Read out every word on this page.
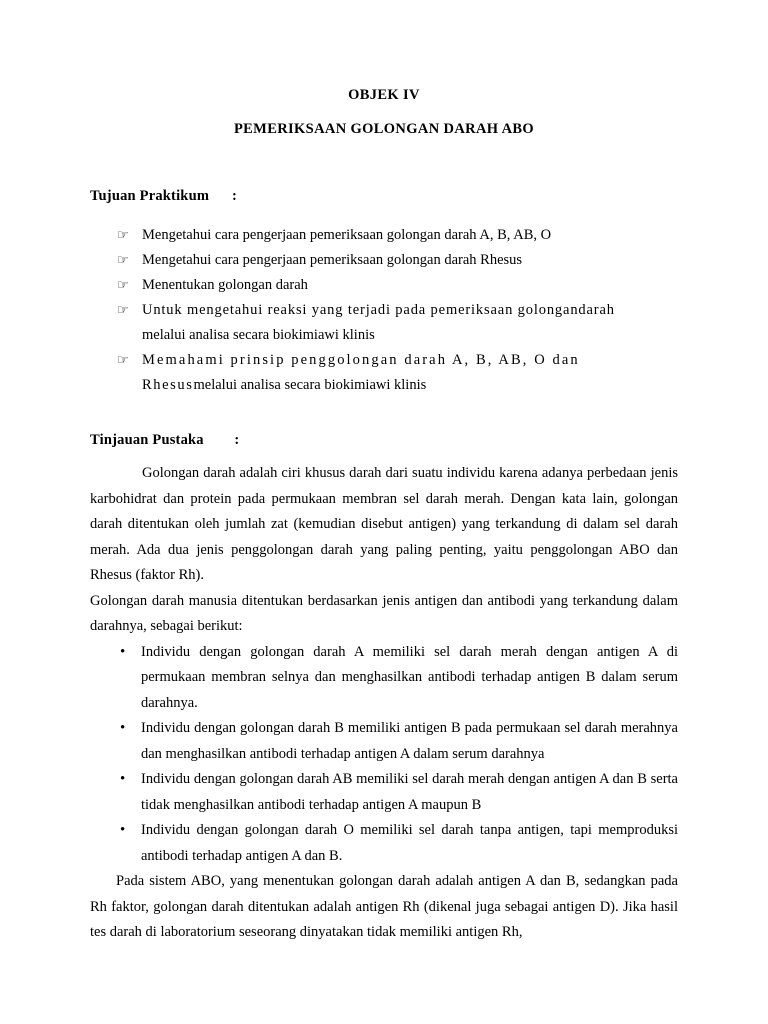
OBJEK IV
PEMERIKSAAN GOLONGAN DARAH ABO
Tujuan Praktikum      :
☞ Mengetahui cara pengerjaan pemeriksaan golongan darah A, B, AB, O
☞ Mengetahui cara pengerjaan pemeriksaan golongan darah Rhesus
☞ Menentukan golongan darah
☞ Untuk mengetahui reaksi yang terjadi pada pemeriksaan golongandarah
melalui analisa secara biokimiawi klinis
☞ Memahami prinsip penggolongan darah A, B, AB, O dan
Rhesusmelalui analisa secara biokimiawi klinis
Tinjauan Pustaka        :

Golongan darah adalah ciri khusus darah dari suatu individu karena adanya perbedaan jenis karbohidrat dan protein pada permukaan membran sel darah merah. Dengan kata lain, golongan darah ditentukan oleh jumlah zat (kemudian disebut antigen) yang terkandung di dalam sel darah merah. Ada dua jenis penggolongan darah yang paling penting, yaitu penggolongan ABO dan Rhesus (faktor Rh).

Golongan darah manusia ditentukan berdasarkan jenis antigen dan antibodi yang terkandung dalam darahnya, sebagai berikut:

• Individu dengan golongan darah A memiliki sel darah merah dengan antigen A di permukaan membran selnya dan menghasilkan antibodi terhadap antigen B dalam serum darahnya.
• Individu dengan golongan darah B memiliki antigen B pada permukaan sel darah merahnya dan menghasilkan antibodi terhadap antigen A dalam serum darahnya
• Individu dengan golongan darah AB memiliki sel darah merah dengan antigen A dan B serta tidak menghasilkan antibodi terhadap antigen A maupun B
• Individu dengan golongan darah O memiliki sel darah tanpa antigen, tapi memproduksi antibodi terhadap antigen A dan B.

Pada sistem ABO, yang menentukan golongan darah adalah antigen A dan B, sedangkan pada Rh faktor, golongan darah ditentukan adalah antigen Rh (dikenal juga sebagai antigen D). Jika hasil tes darah di laboratorium seseorang dinyatakan tidak memiliki antigen Rh,
